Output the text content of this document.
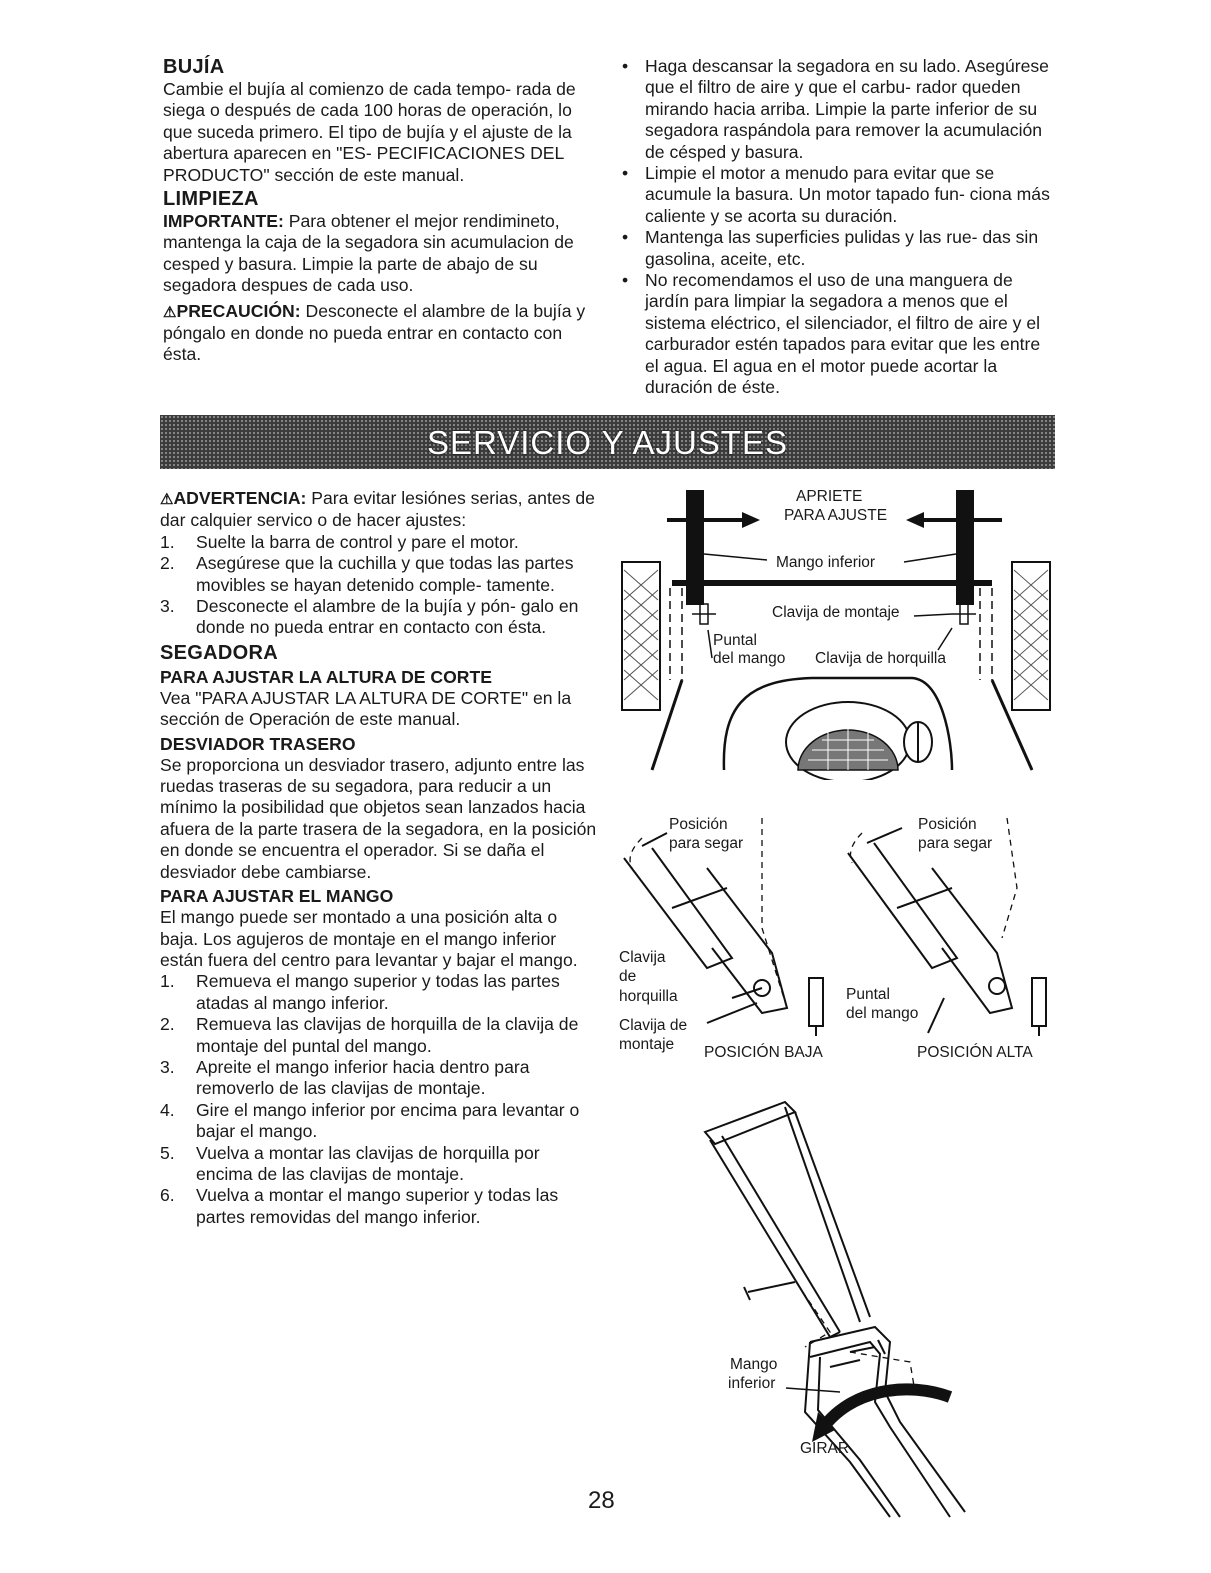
BUJÍA

Cambie el bujía al comienzo de cada tempo- rada de siega o después de cada 100 horas de operación, lo que suceda primero. El tipo de bujía y el ajuste de la abertura aparecen en "ES- PECIFICACIONES DEL PRODUCTO" sección de este manual.

LIMPIEZA

IMPORTANTE: Para obtener el mejor rendimineto, mantenga la caja de la segadora sin acumulacion de cesped y basura. Limpie la parte de abajo de su segadora despues de cada uso.

⚠PRECAUCIÓN: Desconecte el alambre de la bujía y póngalo en donde no pueda entrar en contacto con ésta.

• Haga descansar la segadora en su lado. Asegúrese que el filtro de aire y que el carbu- rador queden mirando hacia arriba. Limpie la parte inferior de su segadora raspándola para remover la acumulación de césped y basura.
• Limpie el motor a menudo para evitar que se acumule la basura. Un motor tapado fun- ciona más caliente y se acorta su duración.
• Mantenga las superficies pulidas y las rue- das sin gasolina, aceite, etc.
• No recomendamos el uso de una manguera de jardín para limpiar la segadora a menos que el sistema eléctrico, el silenciador, el filtro de aire y el carburador estén tapados para evitar que les entre el agua. El agua en el motor puede acortar la duración de éste.
SERVICIO Y AJUSTES

⚠ADVERTENCIA: Para evitar lesiónes serias, antes de dar calquier servico o de hacer ajustes:

1.	Suelte la barra de control y pare el motor.
2.	Asegúrese que la cuchilla y que todas las partes movibles se hayan detenido comple- tamente.
3.	Desconecte el alambre de la bujía y pón- galo en donde no pueda entrar en contacto con ésta.
SEGADORA
PARA AJUSTAR LA ALTURA DE CORTE

Vea "PARA AJUSTAR LA ALTURA DE CORTE" en la sección de Operación de este manual.

DESVIADOR TRASERO

Se proporciona un desviador trasero, adjunto entre las ruedas traseras de su segadora, para reducir a un mínimo la posibilidad que objetos sean lanzados hacia afuera de la parte trasera de la segadora, en la posición en donde se encuentra el operador. Si se daña el desviador debe cambiarse.

PARA AJUSTAR EL MANGO

El mango puede ser montado a una posición alta o baja. Los agujeros de montaje en el mango inferior están fuera del centro para levantar y bajar el mango.

1.	Remueva el mango superior y todas las partes atadas al mango inferior.
2.	Remueva las clavijas de horquilla de la clavija de montaje del puntal del mango.
3.	Apreite el mango inferior hacia dentro para removerlo de las clavijas de montaje.
4.	Gire el mango inferior por encima para levantar o bajar el mango.
5.	Vuelva a montar las clavijas de horquilla por encima de las clavijas de montaje.
6.	Vuelva a montar el mango superior y todas las partes removidas del mango inferior.
APRIETE
PARA AJUSTE
Mango inferior
Clavija de montaje
Puntal
del mango Clavija de horquilla
Posición
para segar
Posición
para segar
Clavija
de
horquilla
Clavija de
montaje
Puntal
del mango
POSICIÓN BAJA	POSICIÓN ALTA
Mango
inferior
GIRAR
28
